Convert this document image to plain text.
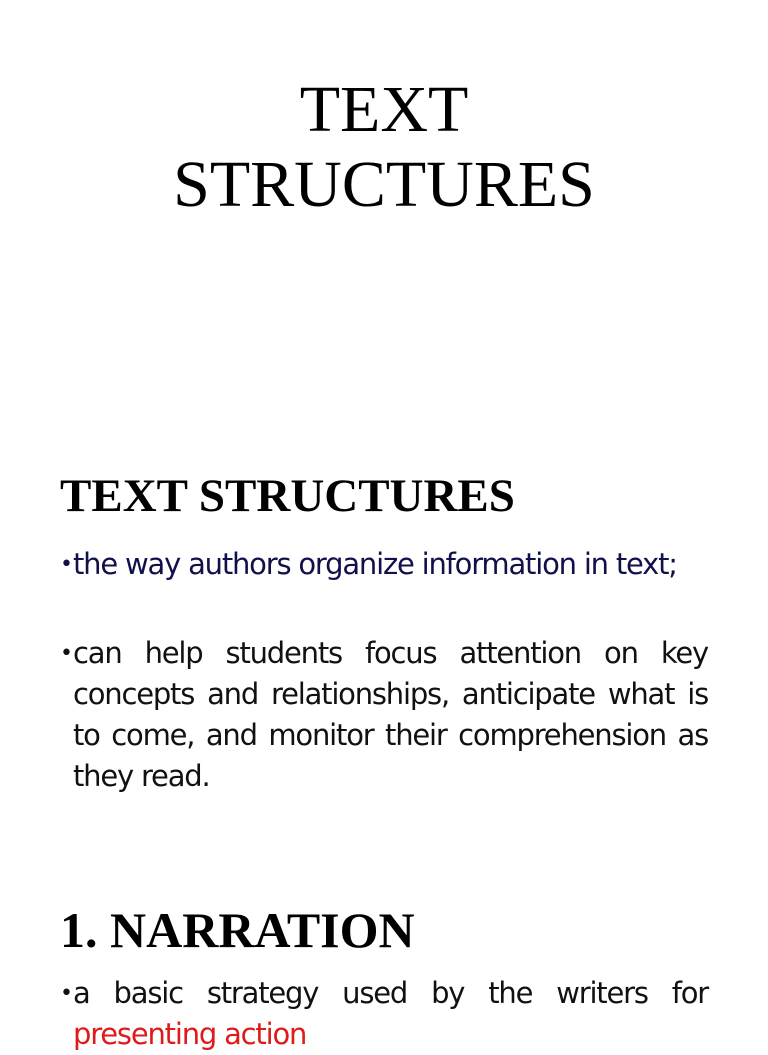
TEXT
STRUCTURES
TEXT STRUCTURES
• the way authors organize information in text;
• can help students focus attention on key concepts and relationships, anticipate what is to come, and monitor their comprehension as they read.
1. NARRATION
• a basic strategy used by the writers for presenting action
